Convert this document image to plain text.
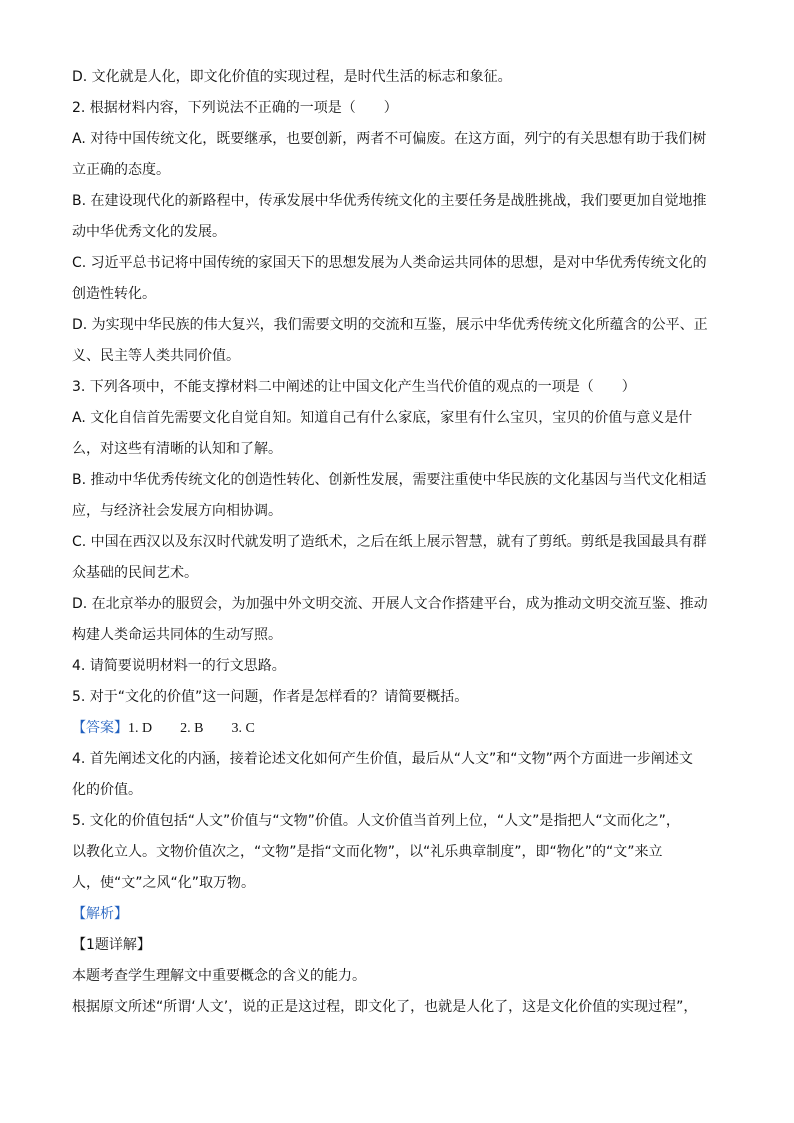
D. 文化就是人化，即文化价值的实现过程，是时代生活的标志和象征。
2. 根据材料内容，下列说法不正确的一项是（　　）
A. 对待中国传统文化，既要继承，也要创新，两者不可偏废。在这方面，列宁的有关思想有助于我们树
立正确的态度。
B. 在建设现代化的新路程中，传承发展中华优秀传统文化的主要任务是战胜挑战，我们要更加自觉地推
动中华优秀文化的发展。
C. 习近平总书记将中国传统的家国天下的思想发展为人类命运共同体的思想，是对中华优秀传统文化的
创造性转化。
D. 为实现中华民族的伟大复兴，我们需要文明的交流和互鉴，展示中华优秀传统文化所蕴含的公平、正
义、民主等人类共同价值。
3. 下列各项中，不能支撑材料二中阐述的让中国文化产生当代价值的观点的一项是（　　）
A. 文化自信首先需要文化自觉自知。知道自己有什么家底，家里有什么宝贝，宝贝的价值与意义是什
么，对这些有清晰的认知和了解。
B. 推动中华优秀传统文化的创造性转化、创新性发展，需要注重使中华民族的文化基因与当代文化相适
应，与经济社会发展方向相协调。
C. 中国在西汉以及东汉时代就发明了造纸术，之后在纸上展示智慧，就有了剪纸。剪纸是我国最具有群
众基础的民间艺术。
D. 在北京举办的服贸会，为加强中外文明交流、开展人文合作搭建平台，成为推动文明交流互鉴、推动
构建人类命运共同体的生动写照。
4. 请简要说明材料一的行文思路。
5. 对于“文化的价值”这一问题，作者是怎样看的？请简要概括。
【答案】1. D　　2. B　　3. C
4. 首先阐述文化的内涵，接着论述文化如何产生价值，最后从“人文”和“文物”两个方面进一步阐述文
化的价值。
5. 文化的价值包括“人文”价值与“文物”价值。人文价值当首列上位，“人文”是指把人“文而化之”，
以教化立人。文物价值次之，“文物”是指“文而化物”，以“礼乐典章制度”，即“物化”的“文”来立
人，使“文”之风“化”取万物。
【解析】
【1题详解】
本题考查学生理解文中重要概念的含义的能力。
根据原文所述“所谓‘人文’，说的正是这过程，即文化了，也就是人化了，这是文化价值的实现过程”，
